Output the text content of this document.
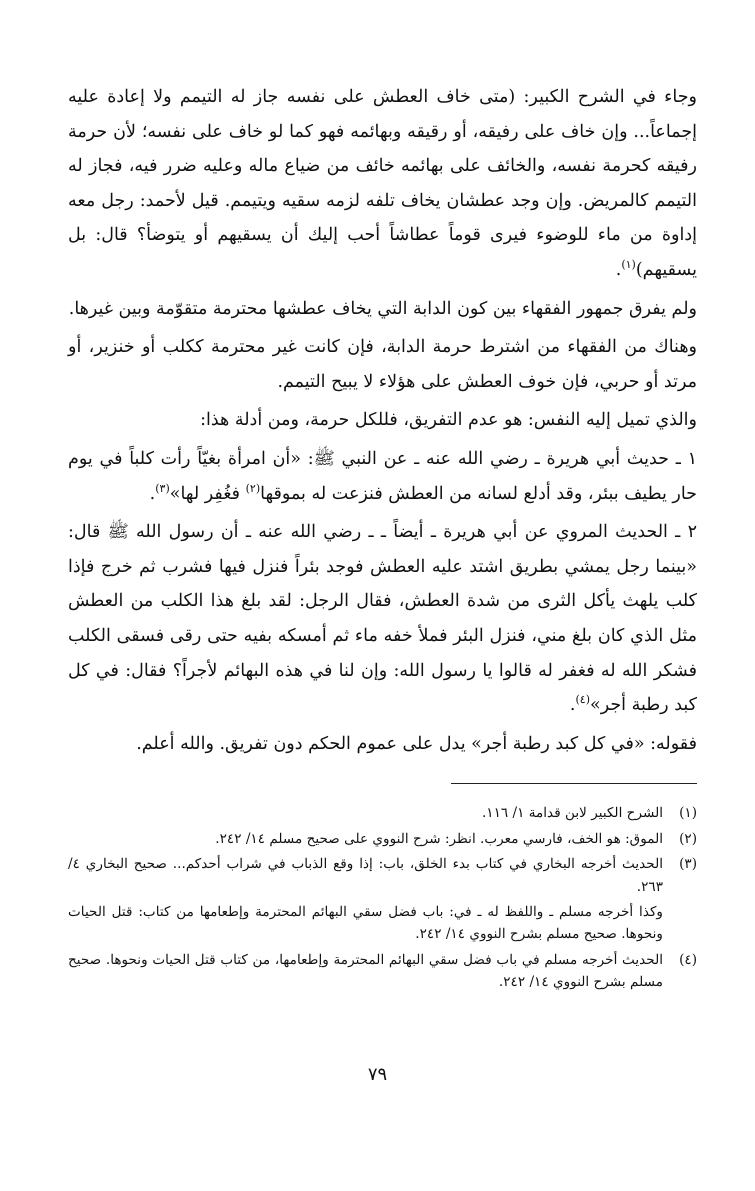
وجاء في الشرح الكبير: (متى خاف العطش على نفسه جاز له التيمم ولا إعادة عليه إجماعاً... وإن خاف على رفيقه، أو رقيقه وبهائمه فهو كما لو خاف على نفسه؛ لأن حرمة رفيقه كحرمة نفسه، والخائف على بهائمه خائف من ضياع ماله وعليه ضرر فيه، فجاز له التيمم كالمريض. وإن وجد عطشان يخاف تلفه لزمه سقيه ويتيمم. قيل لأحمد: رجل معه إداوة من ماء للوضوء فيرى قوماً عطاشاً أحب إليك أن يسقيهم أو يتوضأ؟ قال: بل يسقيهم)$^{(١)}$.

ولم يفرق جمهور الفقهاء بين كون الدابة التي يخاف عطشها محترمة متقوّمة وبين غيرها.

وهناك من الفقهاء من اشترط حرمة الدابة، فإن كانت غير محترمة ككلب أو خنزير، أو مرتد أو حربي، فإن خوف العطش على هؤلاء لا يبيح التيمم.

والذي تميل إليه النفس: هو عدم التفريق، فللكل حرمة، ومن أدلة هذا:

١ ـ حديث أبي هريرة ـ رضي الله عنه ـ عن النبي ﷺ: «أن امرأة بغيّاً رأت كلباً في يوم حار يطيف ببئر، وقد أدلع لسانه من العطش فنزعت له بموقها$^{(٢)}$ فغُفِر لها»$^{(٣)}$.

٢ ـ الحديث المروي عن أبي هريرة ـ أيضاً ـ ـ رضي الله عنه ـ أن رسول الله ﷺ قال: «بينما رجل يمشي بطريق اشتد عليه العطش فوجد بئراً فنزل فيها فشرب ثم خرج فإذا كلب يلهث يأكل الثرى من شدة العطش، فقال الرجل: لقد بلغ هذا الكلب من العطش مثل الذي كان بلغ مني، فنزل البئر فملأ خفه ماء ثم أمسكه بفيه حتى رقى فسقى الكلب فشكر الله له فغفر له قالوا يا رسول الله: وإن لنا في هذه البهائم لأجراً؟ فقال: في كل كبد رطبة أجر»$^{(٤)}$.

فقوله: «في كل كبد رطبة أجر» يدل على عموم الحكم دون تفريق. والله أعلم.

(١)
الشرح الكبير لابن قدامة ١/ ١١٦.
(٢)
الموق: هو الخف، فارسي معرب. انظر: شرح النووي على صحيح مسلم ١٤/ ٢٤٢.
(٣)
الحديث أخرجه البخاري في كتاب بدء الخلق، باب: إذا وقع الذباب في شراب أحدكم... صحيح البخاري ٤/ ٢٦٣.
وكذا أخرجه مسلم ـ واللفظ له ـ في: باب فضل سقي البهائم المحترمة وإطعامها من كتاب: قتل الحيات ونحوها. صحيح مسلم بشرح النووي ١٤/ ٢٤٢.
(٤)
الحديث أخرجه مسلم في باب فضل سقي البهائم المحترمة وإطعامها، من كتاب قتل الحيات ونحوها. صحيح مسلم بشرح النووي ١٤/ ٢٤٢.
٧٩
